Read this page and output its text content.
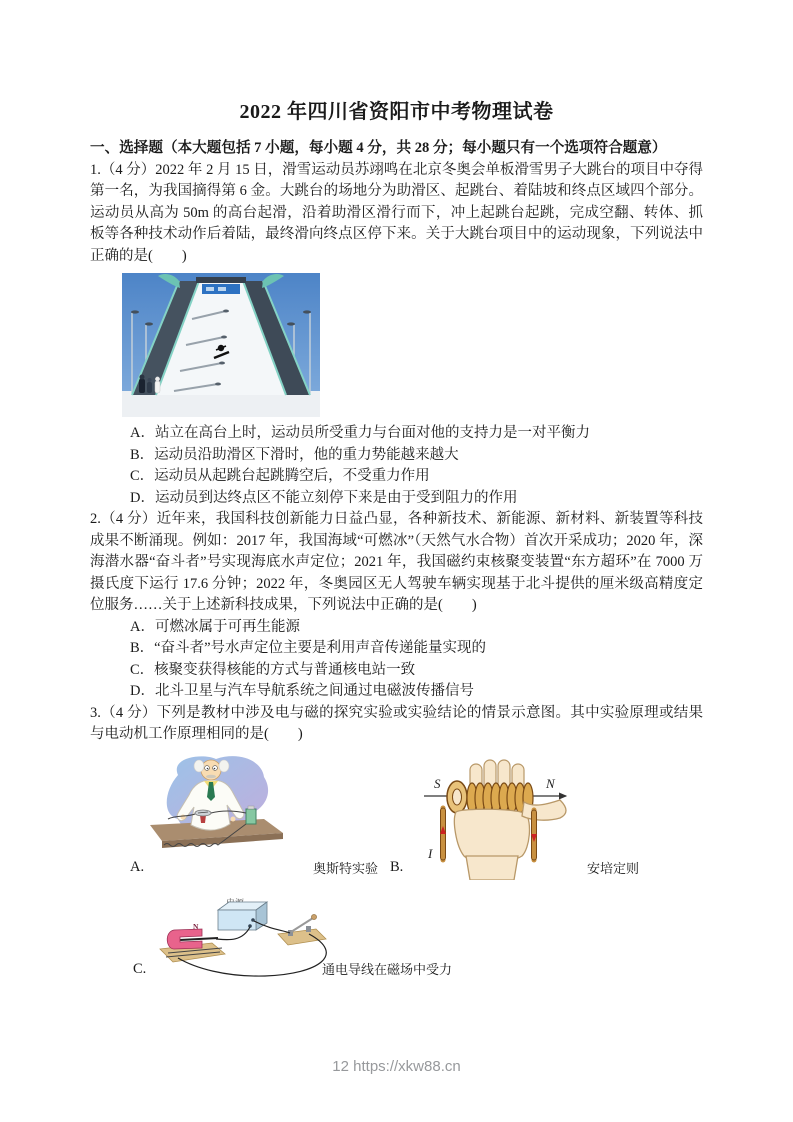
2022 年四川省资阳市中考物理试卷
一、选择题（本大题包括 7 小题，每小题 4 分，共 28 分；每小题只有一个选项符合题意）

1.（4 分）2022 年 2 月 15 日，滑雪运动员苏翊鸣在北京冬奥会单板滑雪男子大跳台的项目中夺得第一名，为我国摘得第 6 金。大跳台的场地分为助滑区、起跳台、着陆坡和终点区域四个部分。运动员从高为 50m 的高台起滑，沿着助滑区滑行而下，冲上起跳台起跳，完成空翻、转体、抓板等各种技术动作后着陆，最终滑向终点区停下来。关于大跳台项目中的运动现象，下列说法中正确的是(　　)

A．站立在高台上时，运动员所受重力与台面对他的支持力是一对平衡力
B．运动员沿助滑区下滑时，他的重力势能越来越大
C．运动员从起跳台起跳腾空后，不受重力作用
D．运动员到达终点区不能立刻停下来是由于受到阻力的作用

2.（4 分）近年来，我国科技创新能力日益凸显，各种新技术、新能源、新材料、新装置等科技成果不断涌现。例如：2017 年，我国海域“可燃冰”（天然气水合物）首次开采成功；2020 年，深海潜水器“奋斗者”号实现海底水声定位；2021 年，我国磁约束核聚变装置“东方超环”在 7000 万摄氏度下运行 17.6 分钟；2022 年，冬奥园区无人驾驶车辆实现基于北斗提供的厘米级高精度定位服务……关于上述新科技成果，下列说法中正确的是(　　)

A．可燃冰属于可再生能源
B．“奋斗者”号水声定位主要是利用声音传递能量实现的
C．核聚变获得核能的方式与普通核电站一致
D．北斗卫星与汽车导航系统之间通过电磁波传播信号

3.（4 分）下列是教材中涉及电与磁的探究实验或实验结论的情景示意图。其中实验原理或结果与电动机工作原理相同的是(　　)

A.	奥斯特实验 B.
S	N
I
安培定则
C.
N
通电导线在磁场中受力
12 https://xkw88.cn
